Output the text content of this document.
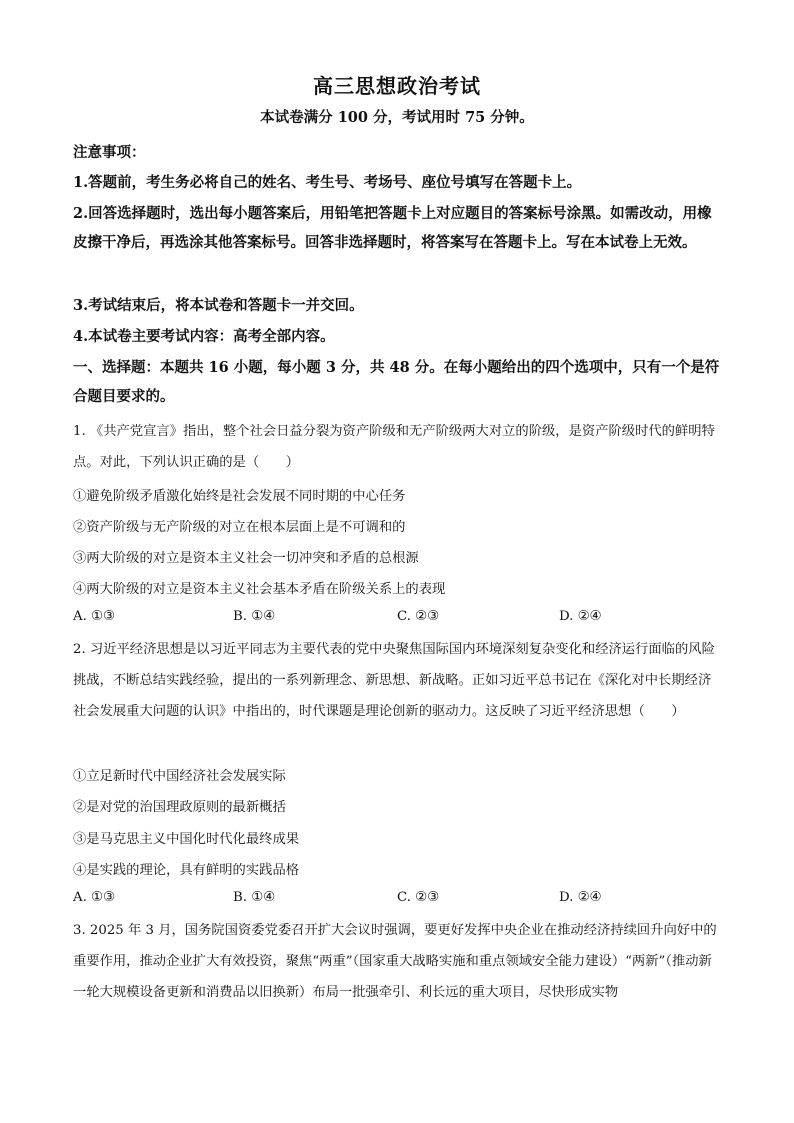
高三思想政治考试
本试卷满分 100 分，考试用时 75 分钟。
注意事项：
1.答题前，考生务必将自己的姓名、考生号、考场号、座位号填写在答题卡上。
2.回答选择题时，选出每小题答案后，用铅笔把答题卡上对应题目的答案标号涂黑。如需改动，用橡皮擦干净后，再选涂其他答案标号。回答非选择题时，将答案写在答题卡上。写在本试卷上无效。
3.考试结束后，将本试卷和答题卡一并交回。
4.本试卷主要考试内容：高考全部内容。
一、选择题：本题共 16 小题，每小题 3 分，共 48 分。在每小题给出的四个选项中，只有一个是符合题目要求的。
1. 《共产党宣言》指出，整个社会日益分裂为资产阶级和无产阶级两大对立的阶级，是资产阶级时代的鲜明特点。对此，下列认识正确的是（　　）
①避免阶级矛盾激化始终是社会发展不同时期的中心任务
②资产阶级与无产阶级的对立在根本层面上是不可调和的
③两大阶级的对立是资本主义社会一切冲突和矛盾的总根源
④两大阶级的对立是资本主义社会基本矛盾在阶级关系上的表现
A. ①③	B. ①④	C. ②③	D. ②④
2. 习近平经济思想是以习近平同志为主要代表的党中央聚焦国际国内环境深刻复杂变化和经济运行面临的风险挑战，不断总结实践经验，提出的一系列新理念、新思想、新战略。正如习近平总书记在《深化对中长期经济社会发展重大问题的认识》中指出的，时代课题是理论创新的驱动力。这反映了习近平经济思想（　　）
①立足新时代中国经济社会发展实际
②是对党的治国理政原则的最新概括
③是马克思主义中国化时代化最终成果
④是实践的理论，具有鲜明的实践品格
A. ①③	B. ①④	C. ②③	D. ②④
3. 2025 年 3 月，国务院国资委党委召开扩大会议时强调，要更好发挥中央企业在推动经济持续回升向好中的重要作用，推动企业扩大有效投资，聚焦“两重”（国家重大战略实施和重点领域安全能力建设）“两新”（推动新一轮大规模设备更新和消费品以旧换新）布局一批强牵引、利长远的重大项目，尽快形成实物
